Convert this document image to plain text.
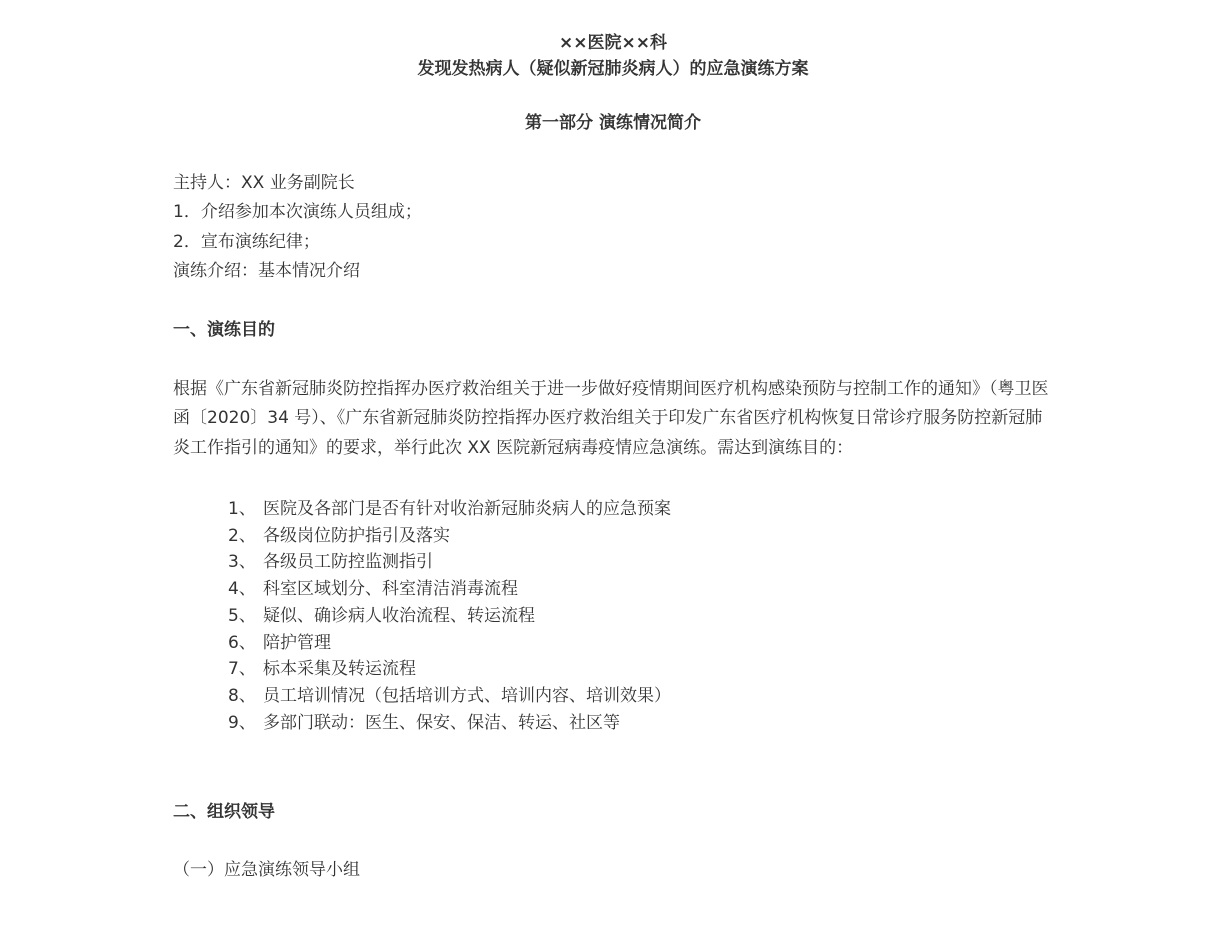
××医院××科

发现发热病人（疑似新冠肺炎病人）的应急演练方案

第一部分 演练情况简介

主持人：XX 业务副院长

1．介绍参加本次演练人员组成；

2．宣布演练纪律；

演练介绍：基本情况介绍

一、演练目的

根据《广东省新冠肺炎防控指挥办医疗救治组关于进一步做好疫情期间医疗机构感染预防与控制工作的通知》（粤卫医函〔2020〕34 号）、《广东省新冠肺炎防控指挥办医疗救治组关于印发广东省医疗机构恢复日常诊疗服务防控新冠肺炎工作指引的通知》的要求，举行此次 XX 医院新冠病毒疫情应急演练。需达到演练目的：

1、 医院及各部门是否有针对收治新冠肺炎病人的应急预案
2、 各级岗位防护指引及落实
3、 各级员工防控监测指引
4、 科室区域划分、科室清洁消毒流程
5、 疑似、确诊病人收治流程、转运流程
6、 陪护管理
7、 标本采集及转运流程
8、 员工培训情况（包括培训方式、培训内容、培训效果）
9、 多部门联动：医生、保安、保洁、转运、社区等

二、组织领导

（一）应急演练领导小组
